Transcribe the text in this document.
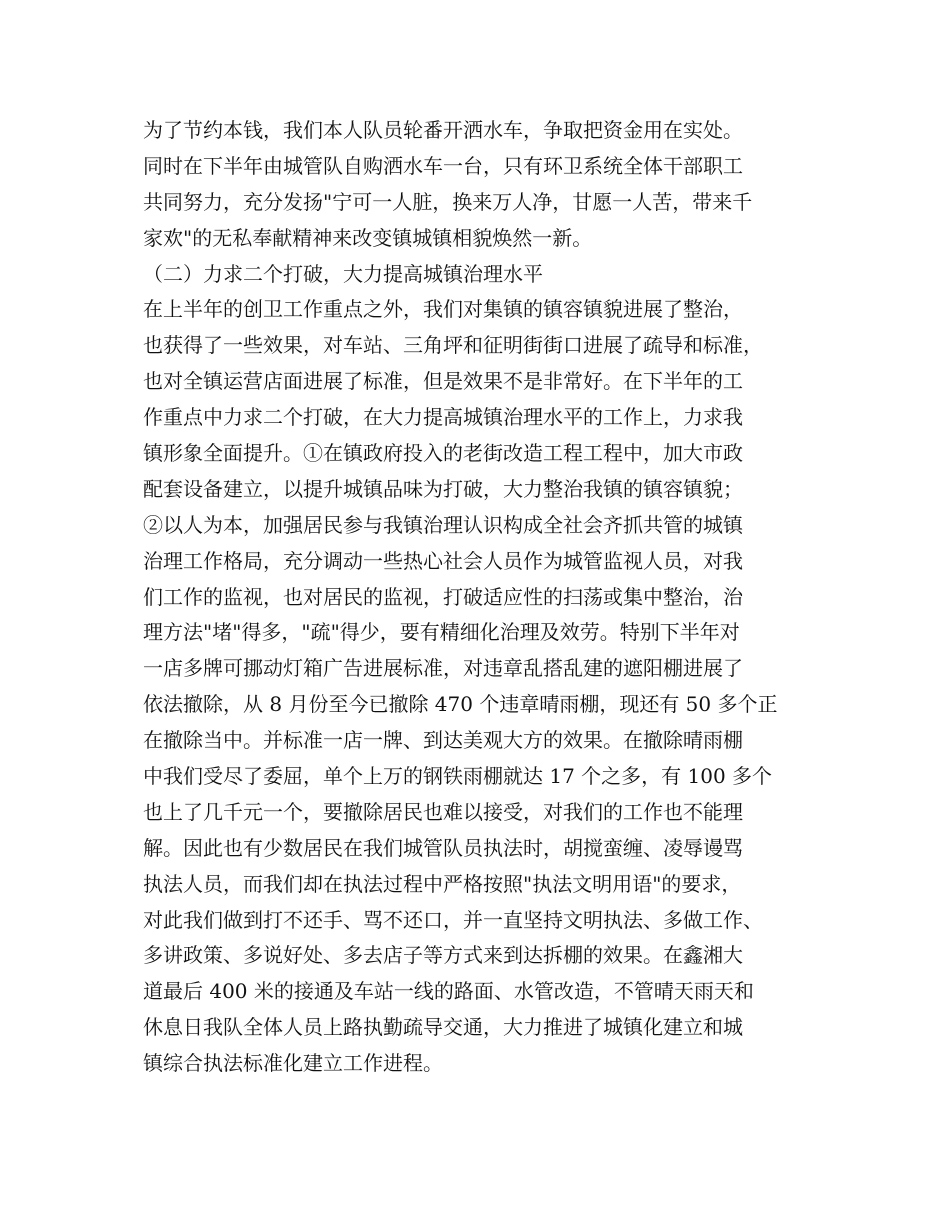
为了节约本钱，我们本人队员轮番开洒水车，争取把资金用在实处。
同时在下半年由城管队自购洒水车一台，只有环卫系统全体干部职工
共同努力，充分发扬"宁可一人脏，换来万人净，甘愿一人苦，带来千
家欢"的无私奉献精神来改变镇城镇相貌焕然一新。
（二）力求二个打破，大力提高城镇治理水平
在上半年的创卫工作重点之外，我们对集镇的镇容镇貌进展了整治，
也获得了一些效果，对车站、三角坪和征明街街口进展了疏导和标准，
也对全镇运营店面进展了标准，但是效果不是非常好。在下半年的工
作重点中力求二个打破，在大力提高城镇治理水平的工作上，力求我
镇形象全面提升。①在镇政府投入的老街改造工程工程中，加大市政
配套设备建立，以提升城镇品味为打破，大力整治我镇的镇容镇貌；
②以人为本，加强居民参与我镇治理认识构成全社会齐抓共管的城镇
治理工作格局，充分调动一些热心社会人员作为城管监视人员，对我
们工作的监视，也对居民的监视，打破适应性的扫荡或集中整治，治
理方法"堵"得多，"疏"得少，要有精细化治理及效劳。特别下半年对
一店多牌可挪动灯箱广告进展标准，对违章乱搭乱建的遮阳棚进展了
依法撤除，从 8 月份至今已撤除 470 个违章晴雨棚，现还有 50 多个正
在撤除当中。并标准一店一牌、到达美观大方的效果。在撤除晴雨棚
中我们受尽了委屈，单个上万的钢铁雨棚就达 17 个之多，有 100 多个
也上了几千元一个，要撤除居民也难以接受，对我们的工作也不能理
解。因此也有少数居民在我们城管队员执法时，胡搅蛮缠、凌辱谩骂
执法人员，而我们却在执法过程中严格按照"执法文明用语"的要求，
对此我们做到打不还手、骂不还口，并一直坚持文明执法、多做工作、
多讲政策、多说好处、多去店子等方式来到达拆棚的效果。在鑫湘大
道最后 400 米的接通及车站一线的路面、水管改造，不管晴天雨天和
休息日我队全体人员上路执勤疏导交通，大力推进了城镇化建立和城
镇综合执法标准化建立工作进程。
